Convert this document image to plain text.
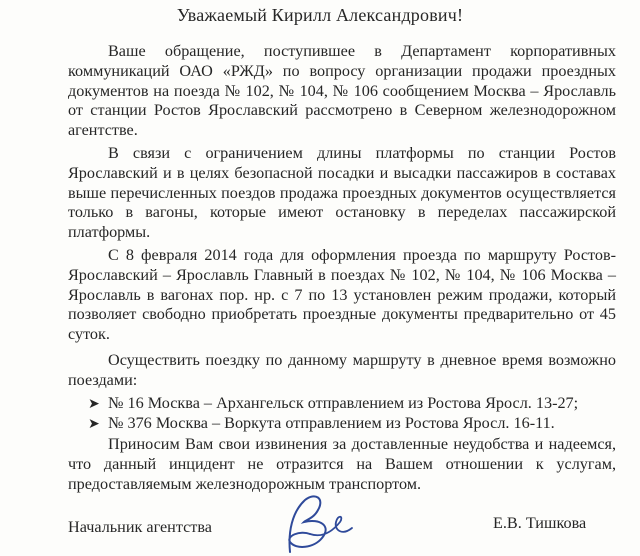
Уважаемый Кирилл Александрович!

Ваше обращение, поступившее в Департамент корпоративных коммуникаций ОАО «РЖД» по вопросу организации продажи проездных документов на поезда № 102, № 104, № 106 сообщением Москва – Ярославль от станции Ростов Ярославский рассмотрено в Северном железнодорожном агентстве.

В связи с ограничением длины платформы по станции Ростов Ярославский и в целях безопасной посадки и высадки пассажиров в составах выше перечисленных поездов продажа проездных документов осуществляется только в вагоны, которые имеют остановку в переделах пассажирской платформы.

С 8 февраля 2014 года для оформления проезда по маршруту Ростов-Ярославский – Ярославль Главный в поездах № 102, № 104, № 106 Москва – Ярославль в вагонах пор. нр. с 7 по 13 установлен режим продажи, который позволяет свободно приобретать проездные документы предварительно от 45 суток.

Осуществить поездку по данному маршруту в дневное время возможно поездами:

➤ № 16 Москва – Архангельск отправлением из Ростова Яросл. 13-27;
➤ № 376 Москва – Воркута отправлением из Ростова Яросл. 16-11.

Приносим Вам свои извинения за доставленные неудобства и надеемся, что данный инцидент не отразится на Вашем отношении к услугам, предоставляемым железнодорожным транспортом.

Начальник агентства	Е.В. Тишкова
